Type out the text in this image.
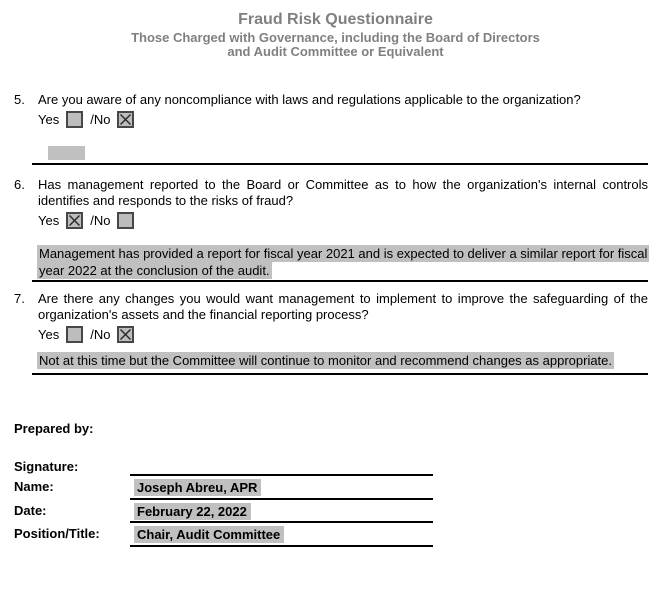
Fraud Risk Questionnaire
Those Charged with Governance, including the Board of Directors
and Audit Committee or Equivalent
5.	Are you aware of any noncompliance with laws and regulations applicable to the organization?
Yes /No
6.	Has management reported to the Board or Committee as to how the organization's internal controls identifies and responds to the risks of fraud?
Yes /No
Management has provided a report for fiscal year 2021 and is expected to deliver a similar report for fiscal year 2022 at the conclusion of the audit.
7.	Are there any changes you would want management to implement to improve the safeguarding of the organization's assets and the financial reporting process?
Yes /No
Not at this time but the Committee will continue to monitor and recommend changes as appropriate.
Prepared by:
Signature:
Name:	Joseph Abreu, APR
Date:	February 22, 2022
Position/Title:	Chair, Audit Committee
